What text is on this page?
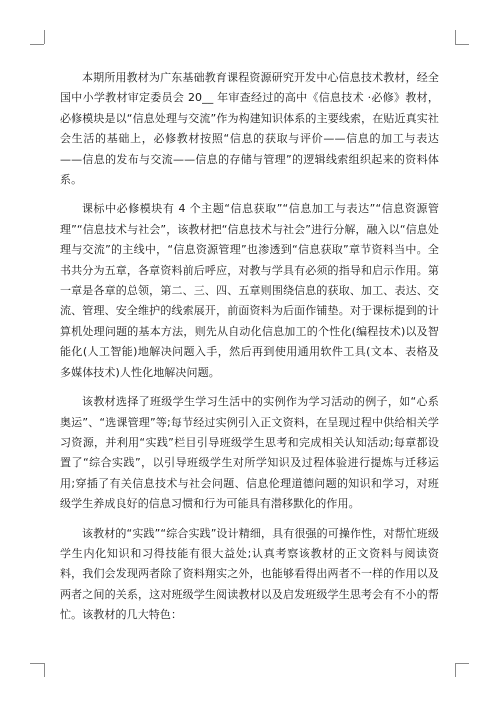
本期所用教材为广东基础教育课程资源研究开发中心信息技术教材，经全国中小学教材审定委员会 20__ 年审查经过的高中《信息技术 ·必修》教材，必修模块是以“信息处理与交流”作为构建知识体系的主要线索，在贴近真实社会生活的基础上，必修教材按照“信息的获取与评价——信息的加工与表达——信息的发布与交流——信息的存储与管理”的逻辑线索组织起来的资料体系。

课标中必修模块有 4 个主题“信息获取”“信息加工与表达”“信息资源管理”“信息技术与社会”，该教材把“信息技术与社会”进行分解，融入以“信息处理与交流”的主线中，“信息资源管理”也渗透到“信息获取”章节资料当中。全书共分为五章，各章资料前后呼应，对教与学具有必须的指导和启示作用。第一章是各章的总领，第二、三、四、五章则围绕信息的获取、加工、表达、交流、管理、安全维护的线索展开，前面资料为后面作铺垫。对于课标提到的计算机处理问题的基本方法，则先从自动化信息加工的个性化(编程技术)以及智能化(人工智能)地解决问题入手，然后再到使用通用软件工具(文本、表格及多媒体技术)人性化地解决问题。

该教材选择了班级学生学习生活中的实例作为学习活动的例子，如“心系奥运”、“选课管理”等;每节经过实例引入正文资料，在呈现过程中供给相关学习资源，并利用“实践”栏目引导班级学生思考和完成相关认知活动;每章都设置了“综合实践”，以引导班级学生对所学知识及过程体验进行提炼与迁移运用;穿插了有关信息技术与社会问题、信息伦理道德问题的知识和学习，对班级学生养成良好的信息习惯和行为可能具有潜移默化的作用。

该教材的“实践”“综合实践”设计精细，具有很强的可操作性，对帮忙班级学生内化知识和习得技能有很大益处;认真考察该教材的正文资料与阅读资料，我们会发现两者除了资料翔实之外，也能够看得出两者不一样的作用以及两者之间的关系，这对班级学生阅读教材以及启发班级学生思考会有不小的帮忙。该教材的几大特色：
